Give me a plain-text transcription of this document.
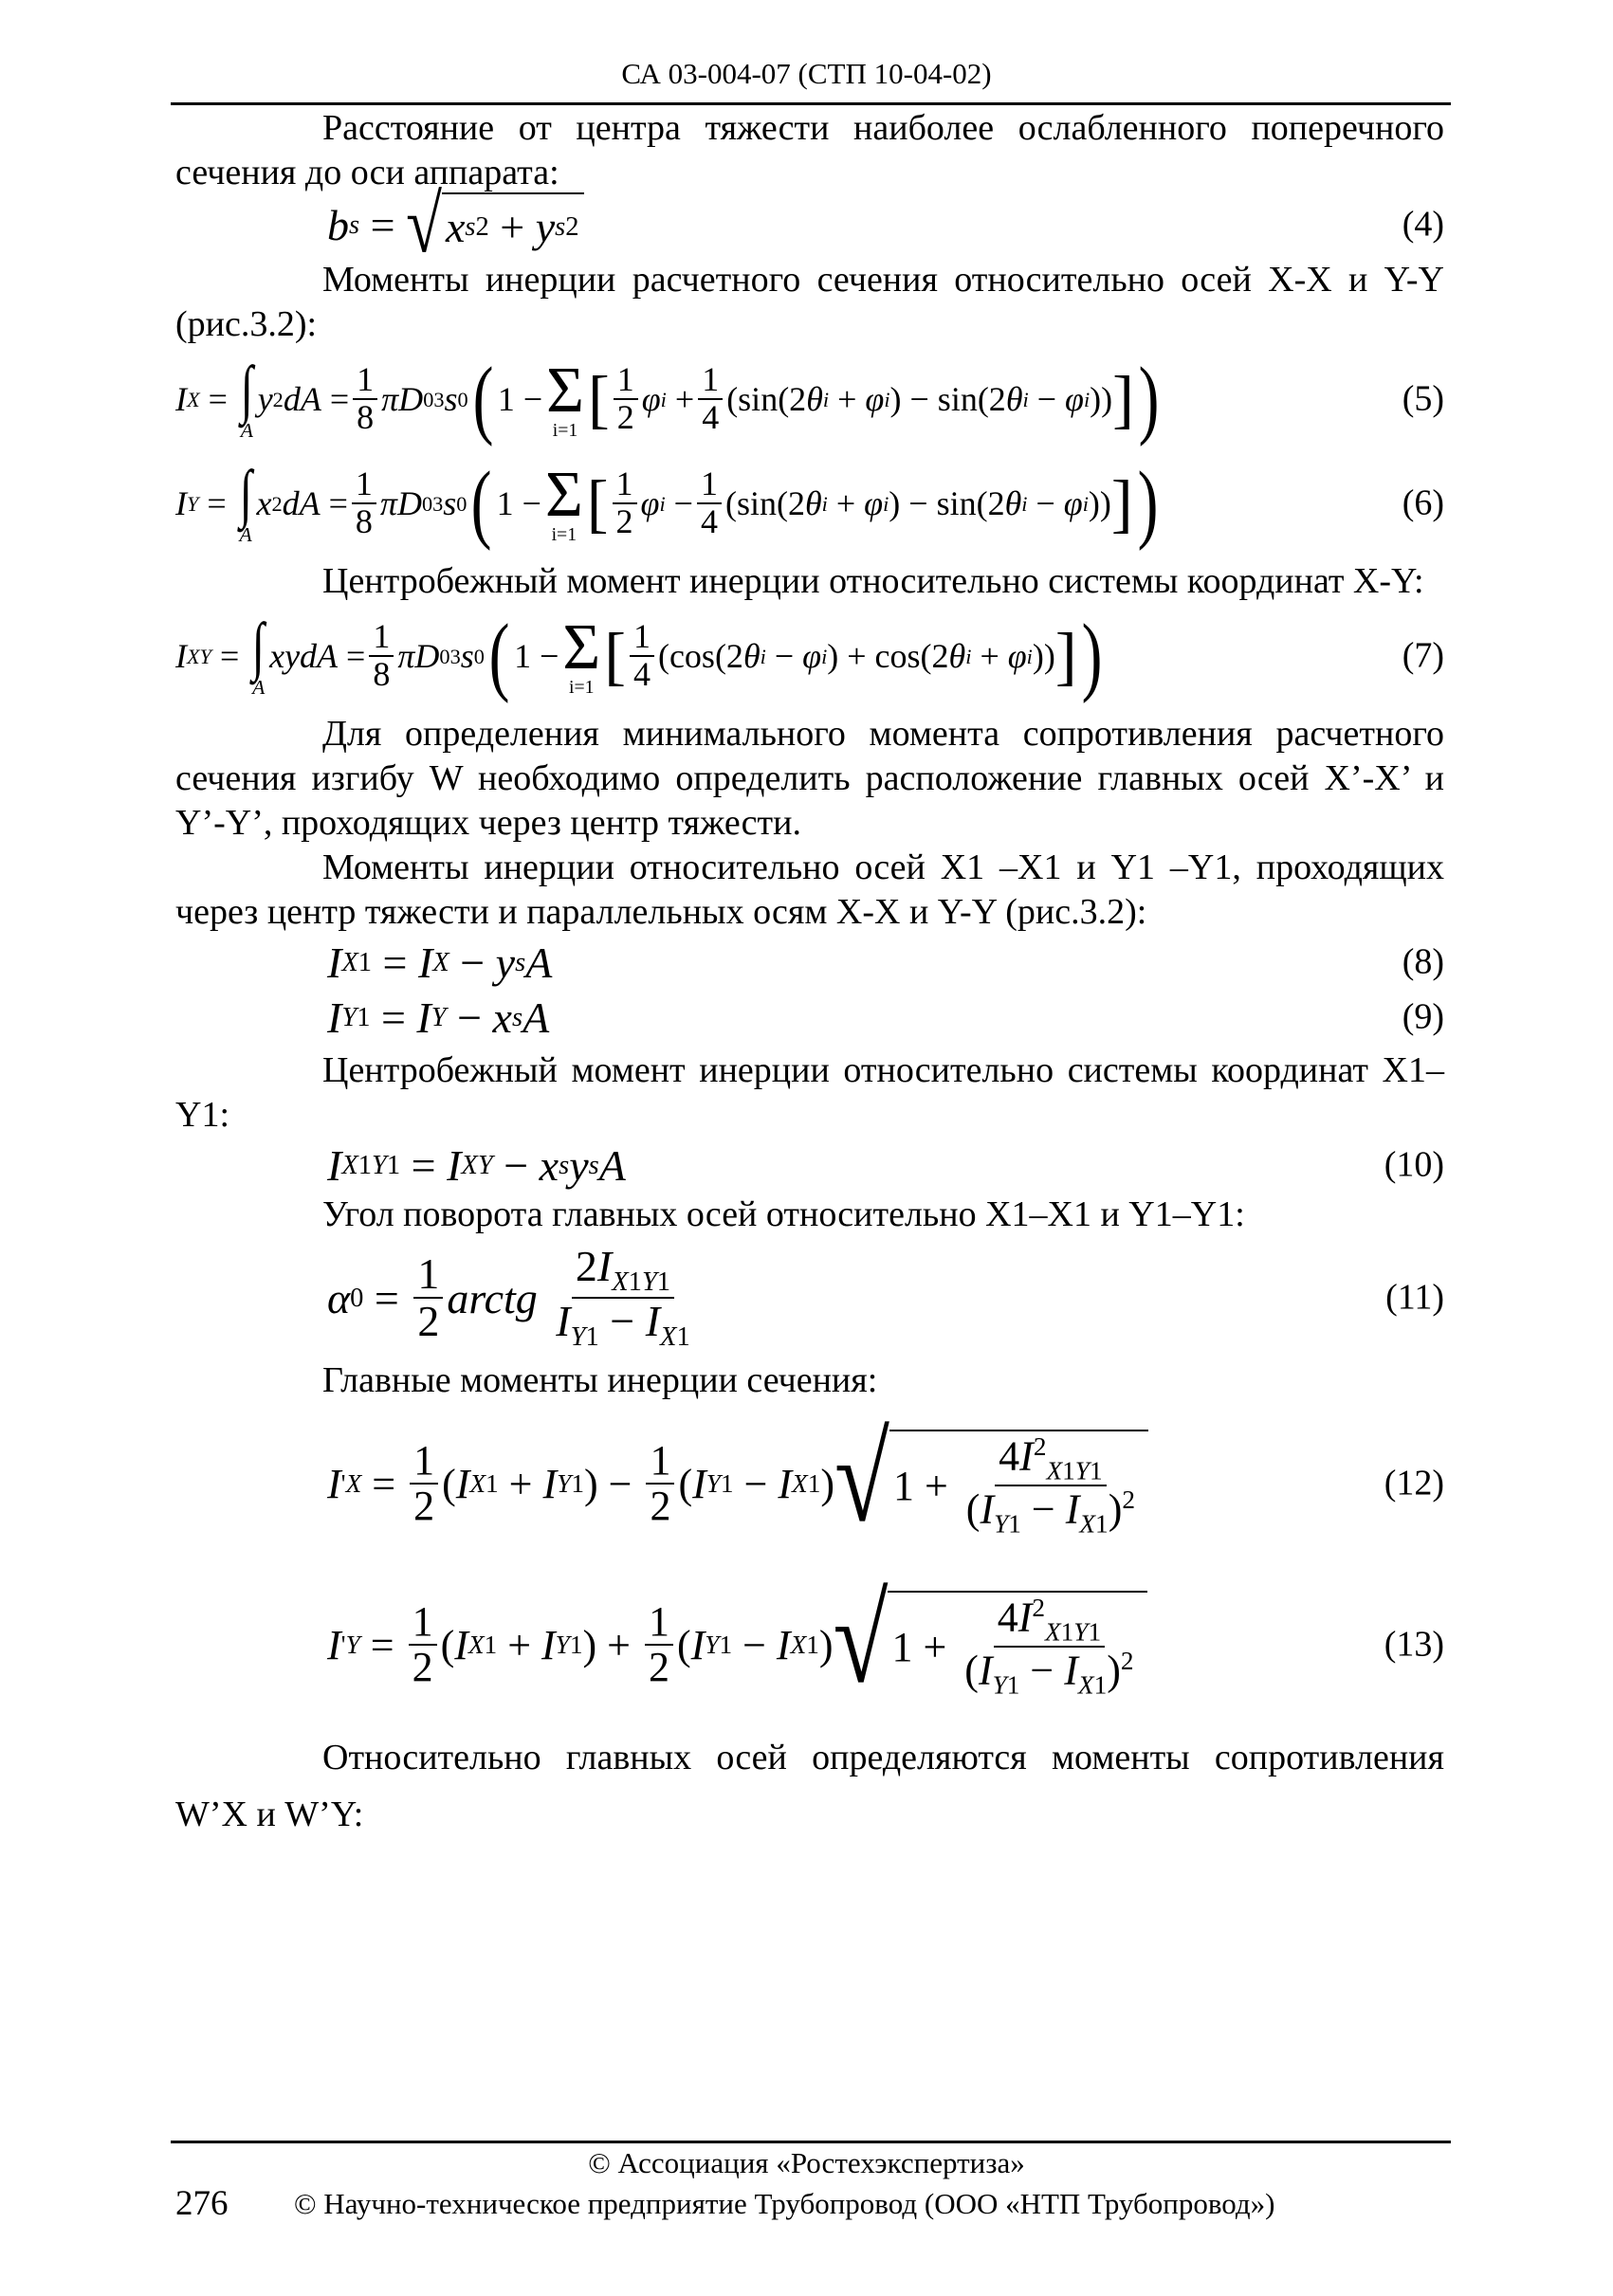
СА 03-004-07 (СТП 10-04-02)

Расстояние от центра тяжести наиболее ослабленного поперечного сечения до оси аппарата:

b s = √ x s 2 + y s 2	(4)

Моменты инерции расчетного сечения относительно осей X-X и Y-Y (рис.3.2):

I X = ∫
A
y 2 dA = $\frac{1}{8}$ πD 0 3 s 0 ( 1 − Σ
i=1 [ $\frac{1}{2}$ φ $i + \frac{1}{4} (\sin(2$ θ i + φ i ) − sin(2 θ i − φ i )) ] )	(5)
I Y = ∫
A
x 2 dA = $\frac{1}{8}$ πD 0 3 s 0 ( 1 − Σ
i=1 [ $\frac{1}{2}$ φ $i - \frac{1}{4} (\sin(2$ θ i + φ i ) − sin(2 θ i − φ i )) ] )	(6)

Центробежный момент инерции относительно системы координат X-Y:

I XY = ∫
A
xydA = $\frac{1}{8}$ πD 0 3 s 0 ( 1 − Σ
i=1 [ $\frac{1}{4} (\cos(2$ θ i − φ i ) + cos(2 θ i + φ i )) ] )	(7)

Для определения минимального момента сопротивления расчетного сечения изгибу W необходимо определить расположение главных осей X’-X’ и Y’-Y’, проходящих через центр тяжести.

Моменты инерции относительно осей X1 –X1 и Y1 –Y1, проходящих через центр тяжести и параллельных осям X-X и Y-Y (рис.3.2):

I X 1 = I X − y s A	(8)
I Y 1 = I Y − x s A	(9)

Центробежный момент инерции относительно системы координат X1–Y1:

I X 1 Y 1 = I XY − x s y s A	(10)

Угол поворота главных осей относительно X1–X1 и Y1–Y1:

α $0 = \frac{1}{2}$ arctg
$\frac{2I_{X1Y1}}{I_{Y1} - I_{X1}}$	(11)

Главные моменты инерции сечения:

I ' $X = \frac{1}{2}$ ( I X 1 + I Y 1 ) − $\frac{1}{2}$ ( I Y 1 − I X 1 ) √ $1 + \frac{4I^2_{X1Y1}}{(I_{Y1} - I_{X1})^2}$	(12)
I ' $Y = \frac{1}{2}$ ( I X 1 + I Y 1 ) + $\frac{1}{2}$ ( I Y 1 − I X 1 ) √ $1 + \frac{4I^2_{X1Y1}}{(I_{Y1} - I_{X1})^2}$	(13)

Относительно главных осей определяются моменты сопротивления W’X и W’Y:

© Ассоциация «Ростехэкспертиза»
276 © Научно-техническое предприятие Трубопровод (ООО «НТП Трубопровод»)
